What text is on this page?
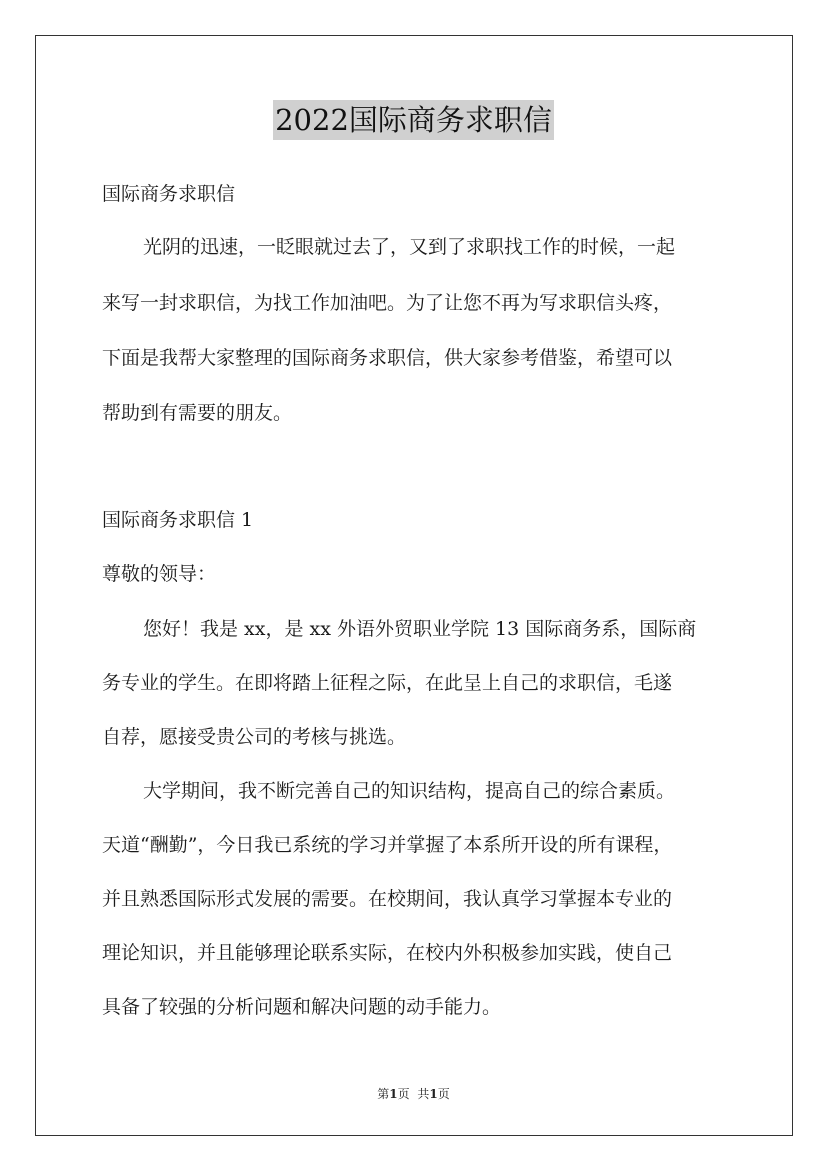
2022国际商务求职信
国际商务求职信
光阴的迅速，一眨眼就过去了，又到了求职找工作的时候，一起
来写一封求职信，为找工作加油吧。为了让您不再为写求职信头疼，
下面是我帮大家整理的国际商务求职信，供大家参考借鉴，希望可以
帮助到有需要的朋友。
国际商务求职信 1
尊敬的领导：
您好！我是 xx，是 xx 外语外贸职业学院 13 国际商务系，国际商
务专业的学生。在即将踏上征程之际，在此呈上自己的求职信，毛遂
自荐，愿接受贵公司的考核与挑选。
大学期间，我不断完善自己的知识结构，提高自己的综合素质。
天道“酬勤”，今日我已系统的学习并掌握了本系所开设的所有课程，
并且熟悉国际形式发展的需要。在校期间，我认真学习掌握本专业的
理论知识，并且能够理论联系实际，在校内外积极参加实践，使自己
具备了较强的分析问题和解决问题的动手能力。
第1页 共1页
